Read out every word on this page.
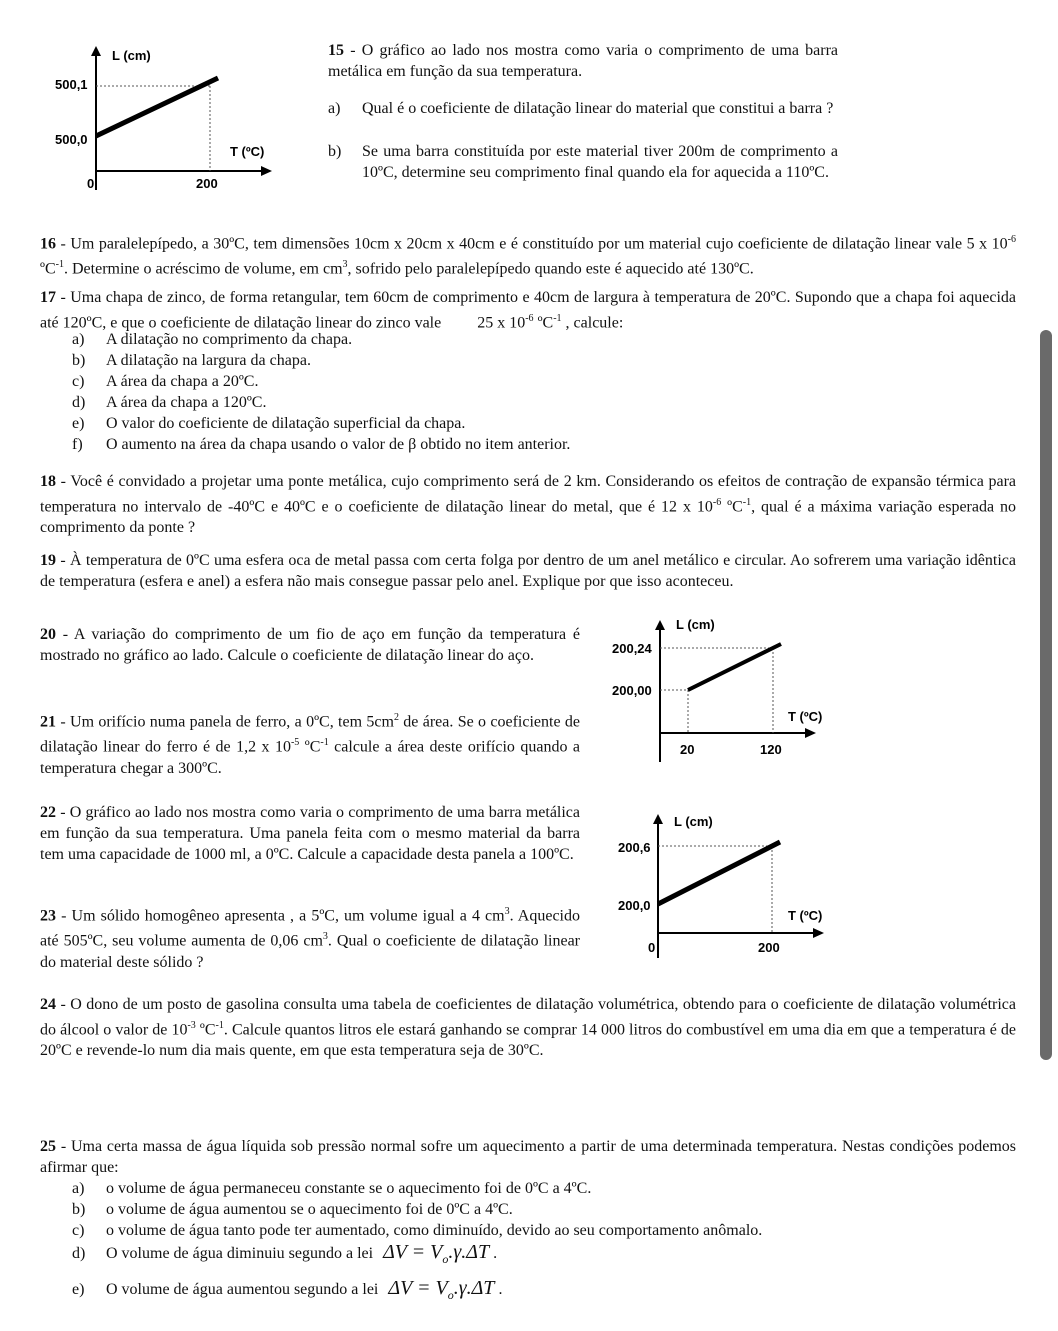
L (cm)
500,1
500,0
T (ºC)
0	200
15 - O gráfico ao lado nos mostra como varia o comprimento de uma barra metálica em função da sua temperatura.
a) Qual é o coeficiente de dilatação linear do material que constitui a barra ?
b) Se uma barra constituída por este material tiver 200m de comprimento a 10ºC, determine seu comprimento final quando ela for aquecida a 110ºC.
16 - Um paralelepípedo, a 30ºC, tem dimensões 10cm x 20cm x 40cm e é constituído por um material cujo coeficiente de dilatação linear vale 5 x $10^{-6}$ ºC$^{-1}$. Determine o acréscimo de volume, em $cm^3$, sofrido pelo paralelepípedo quando este é aquecido até 130ºC.
17 - Uma chapa de zinco, de forma retangular, tem 60cm de comprimento e 40cm de largura à temperatura de 20ºC. Supondo que a chapa foi aquecida até 120ºC, e que o coeficiente de dilatação linear do zinco vale 25 x $10^{-6}$ ºC$^{-1}$ , calcule:
a) A dilatação no comprimento da chapa.
b) A dilatação na largura da chapa.
c) A área da chapa a 20ºC.
d) A área da chapa a 120ºC.
e) O valor do coeficiente de dilatação superficial da chapa.
f) O aumento na área da chapa usando o valor de β obtido no item anterior.
18 - Você é convidado a projetar uma ponte metálica, cujo comprimento será de 2 km. Considerando os efeitos de contração de expansão térmica para temperatura no intervalo de -40ºC e 40ºC e o coeficiente de dilatação linear do metal, que é 12 x $10^{-6}$ ºC$^{-1}$, qual é a máxima variação esperada no comprimento da ponte ?
19 - À temperatura de 0ºC uma esfera oca de metal passa com certa folga por dentro de um anel metálico e circular. Ao sofrerem uma variação idêntica de temperatura (esfera e anel) a esfera não mais consegue passar pelo anel. Explique por que isso aconteceu.
20 - A variação do comprimento de um fio de aço em função da temperatura é mostrado no gráfico ao lado. Calcule o coeficiente de dilatação linear do aço.
L (cm)
200,24
200,00
T (ºC)
20	120
21 - Um orifício numa panela de ferro, a 0ºC, tem $5cm^2$ de área. Se o coeficiente de dilatação linear do ferro é de 1,2 x $10^{-5}$ ºC$^{-1}$ calcule a área deste orifício quando a temperatura chegar a 300ºC.
22 - O gráfico ao lado nos mostra como varia o comprimento de uma barra metálica em função da sua temperatura. Uma panela feita com o mesmo material da barra tem uma capacidade de 1000 ml, a 0ºC. Calcule a capacidade desta panela a 100ºC.
L (cm)
200,6
200,0
T (ºC)
0	200
23 - Um sólido homogêneo apresenta , a 5ºC, um volume igual a 4 $cm^3$. Aquecido até 505ºC, seu volume aumenta de 0,06 $cm^3$. Qual o coeficiente de dilatação linear do material deste sólido ?
24 - O dono de um posto de gasolina consulta uma tabela de coeficientes de dilatação volumétrica, obtendo para o coeficiente de dilatação volumétrica do álcool o valor de $10^{-3}$ ºC$^{-1}$. Calcule quantos litros ele estará ganhando se comprar 14 000 litros do combustível em uma dia em que a temperatura é de 20ºC e revende-lo num dia mais quente, em que esta temperatura seja de 30ºC.
25 - Uma certa massa de água líquida sob pressão normal sofre um aquecimento a partir de uma determinada temperatura. Nestas condições podemos afirmar que:
a) o volume de água permaneceu constante se o aquecimento foi de 0ºC a 4ºC.
b) o volume de água aumentou se o aquecimento foi de 0ºC a 4ºC.
c) o volume de água tanto pode ter aumentado, como diminuído, devido ao seu comportamento anômalo.
d) O volume de água diminuiu segundo a lei $\Delta V = V_o.\gamma.\Delta T$ .
e) O volume de água aumentou segundo a lei $\Delta V = V_o.\gamma.\Delta T$ .
